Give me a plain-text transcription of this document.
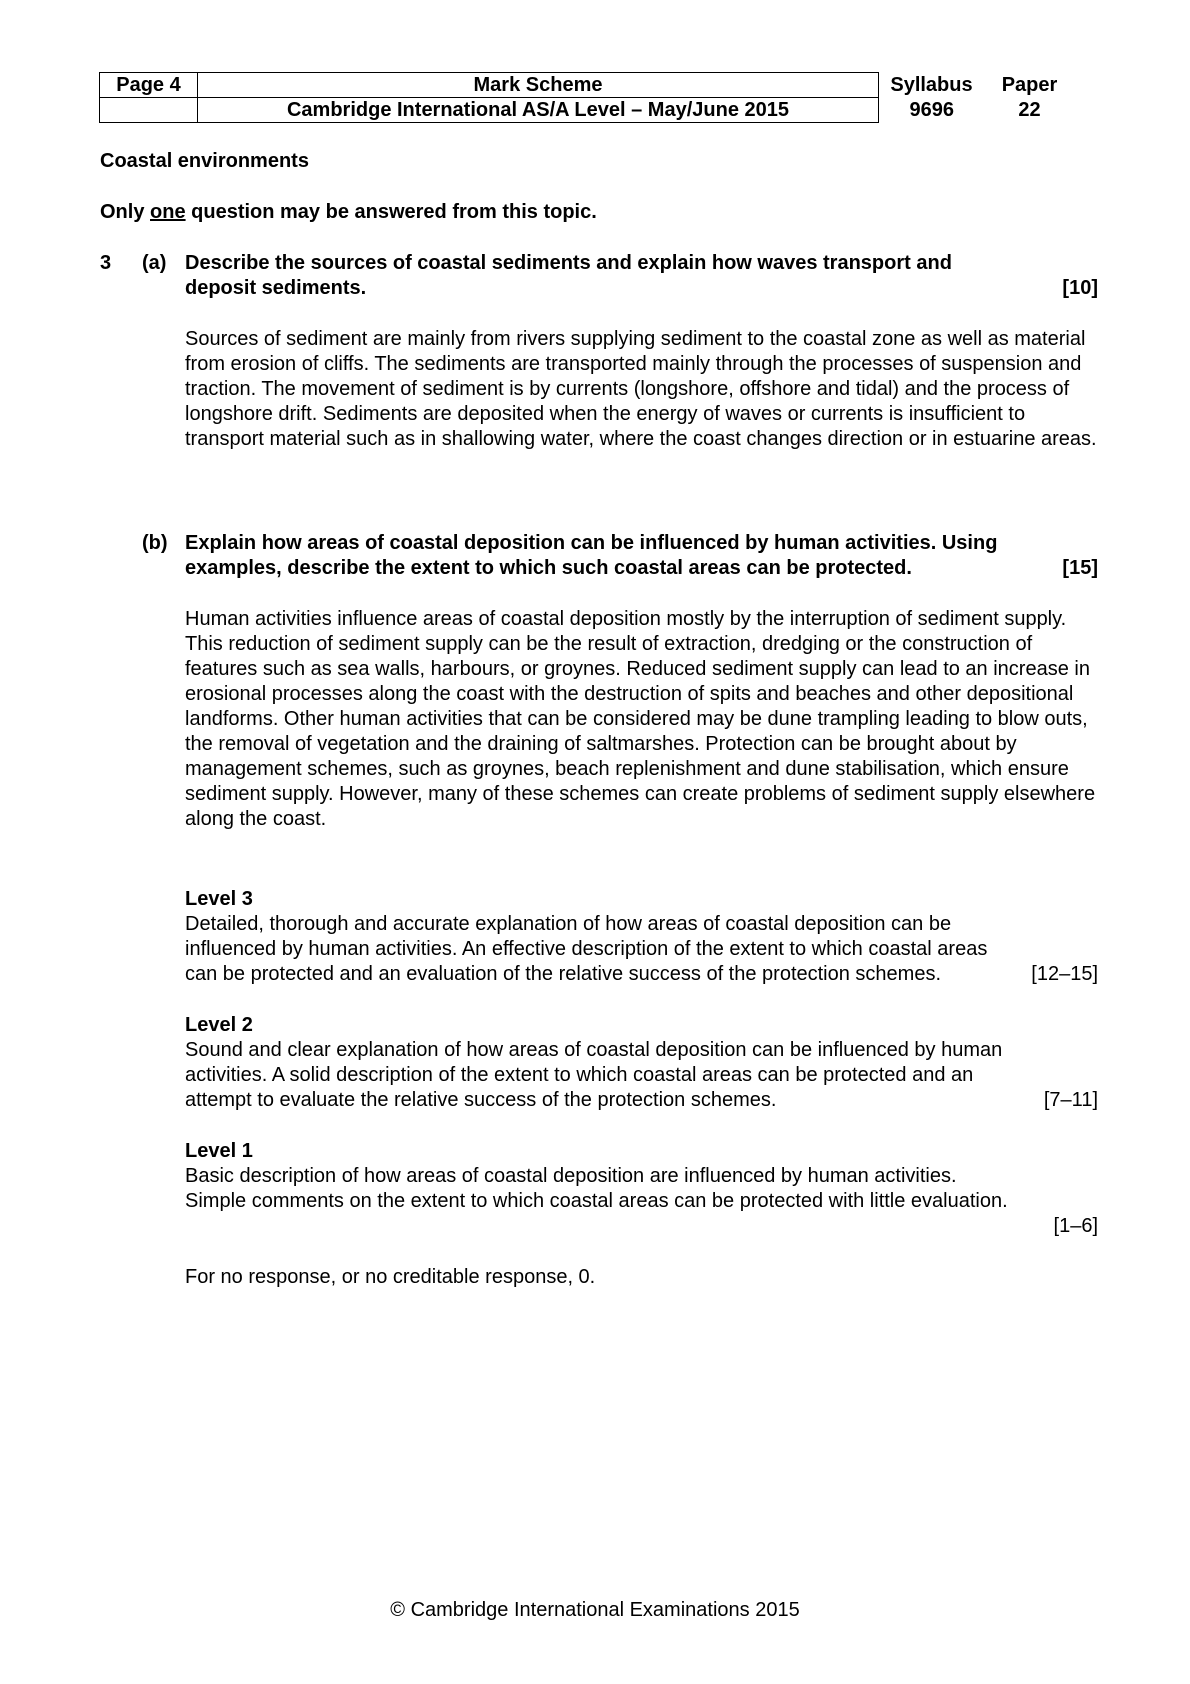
Page 4	Mark Scheme	Syllabus	Paper
	Cambridge International AS/A Level – May/June 2015	9696	22
Coastal environments
Only one question may be answered from this topic.
3 (a) Describe the sources of coastal sediments and explain how waves transport and
deposit sediments.	[10]
Sources of sediment are mainly from rivers supplying sediment to the coastal zone as well as material from erosion of cliffs. The sediments are transported mainly through the processes of suspension and traction. The movement of sediment is by currents (longshore, offshore and tidal) and the process of longshore drift. Sediments are deposited when the energy of waves or currents is insufficient to transport material such as in shallowing water, where the coast changes direction or in estuarine areas.
(b) Explain how areas of coastal deposition can be influenced by human activities. Using
examples, describe the extent to which such coastal areas can be protected.	[15]
Human activities influence areas of coastal deposition mostly by the interruption of sediment supply. This reduction of sediment supply can be the result of extraction, dredging or the construction of features such as sea walls, harbours, or groynes. Reduced sediment supply can lead to an increase in erosional processes along the coast with the destruction of spits and beaches and other depositional landforms. Other human activities that can be considered may be dune trampling leading to blow outs, the removal of vegetation and the draining of saltmarshes. Protection can be brought about by management schemes, such as groynes, beach replenishment and dune stabilisation, which ensure sediment supply. However, many of these schemes can create problems of sediment supply elsewhere along the coast.
Level 3
Detailed, thorough and accurate explanation of how areas of coastal deposition can be
influenced by human activities. An effective description of the extent to which coastal areas
can be protected and an evaluation of the relative success of the protection schemes.	[12–15]
Level 2
Sound and clear explanation of how areas of coastal deposition can be influenced by human
activities. A solid description of the extent to which coastal areas can be protected and an
attempt to evaluate the relative success of the protection schemes.	[7–11]
Level 1
Basic description of how areas of coastal deposition are influenced by human activities.
Simple comments on the extent to which coastal areas can be protected with little evaluation.
[1–6]
For no response, or no creditable response, 0.
© Cambridge International Examinations 2015
